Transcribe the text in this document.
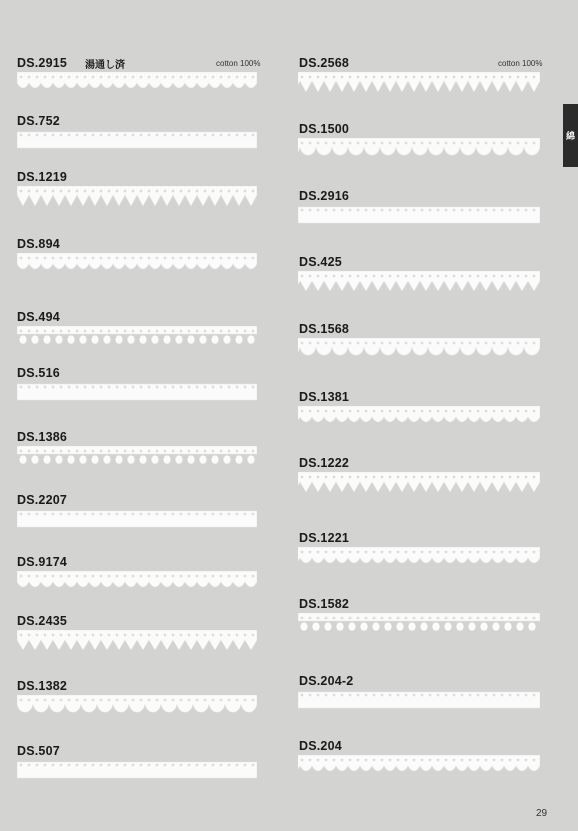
湯通し済	cotton 100%	cotton 100%
綿
29
DS.2915
DS.752
DS.1219
DS.894
DS.494
DS.516
DS.1386
DS.2207
DS.9174
DS.2435
DS.1382
DS.507
DS.2568
DS.1500
DS.2916
DS.425
DS.1568
DS.1381
DS.1222
DS.1221
DS.1582
DS.204-2
DS.204
